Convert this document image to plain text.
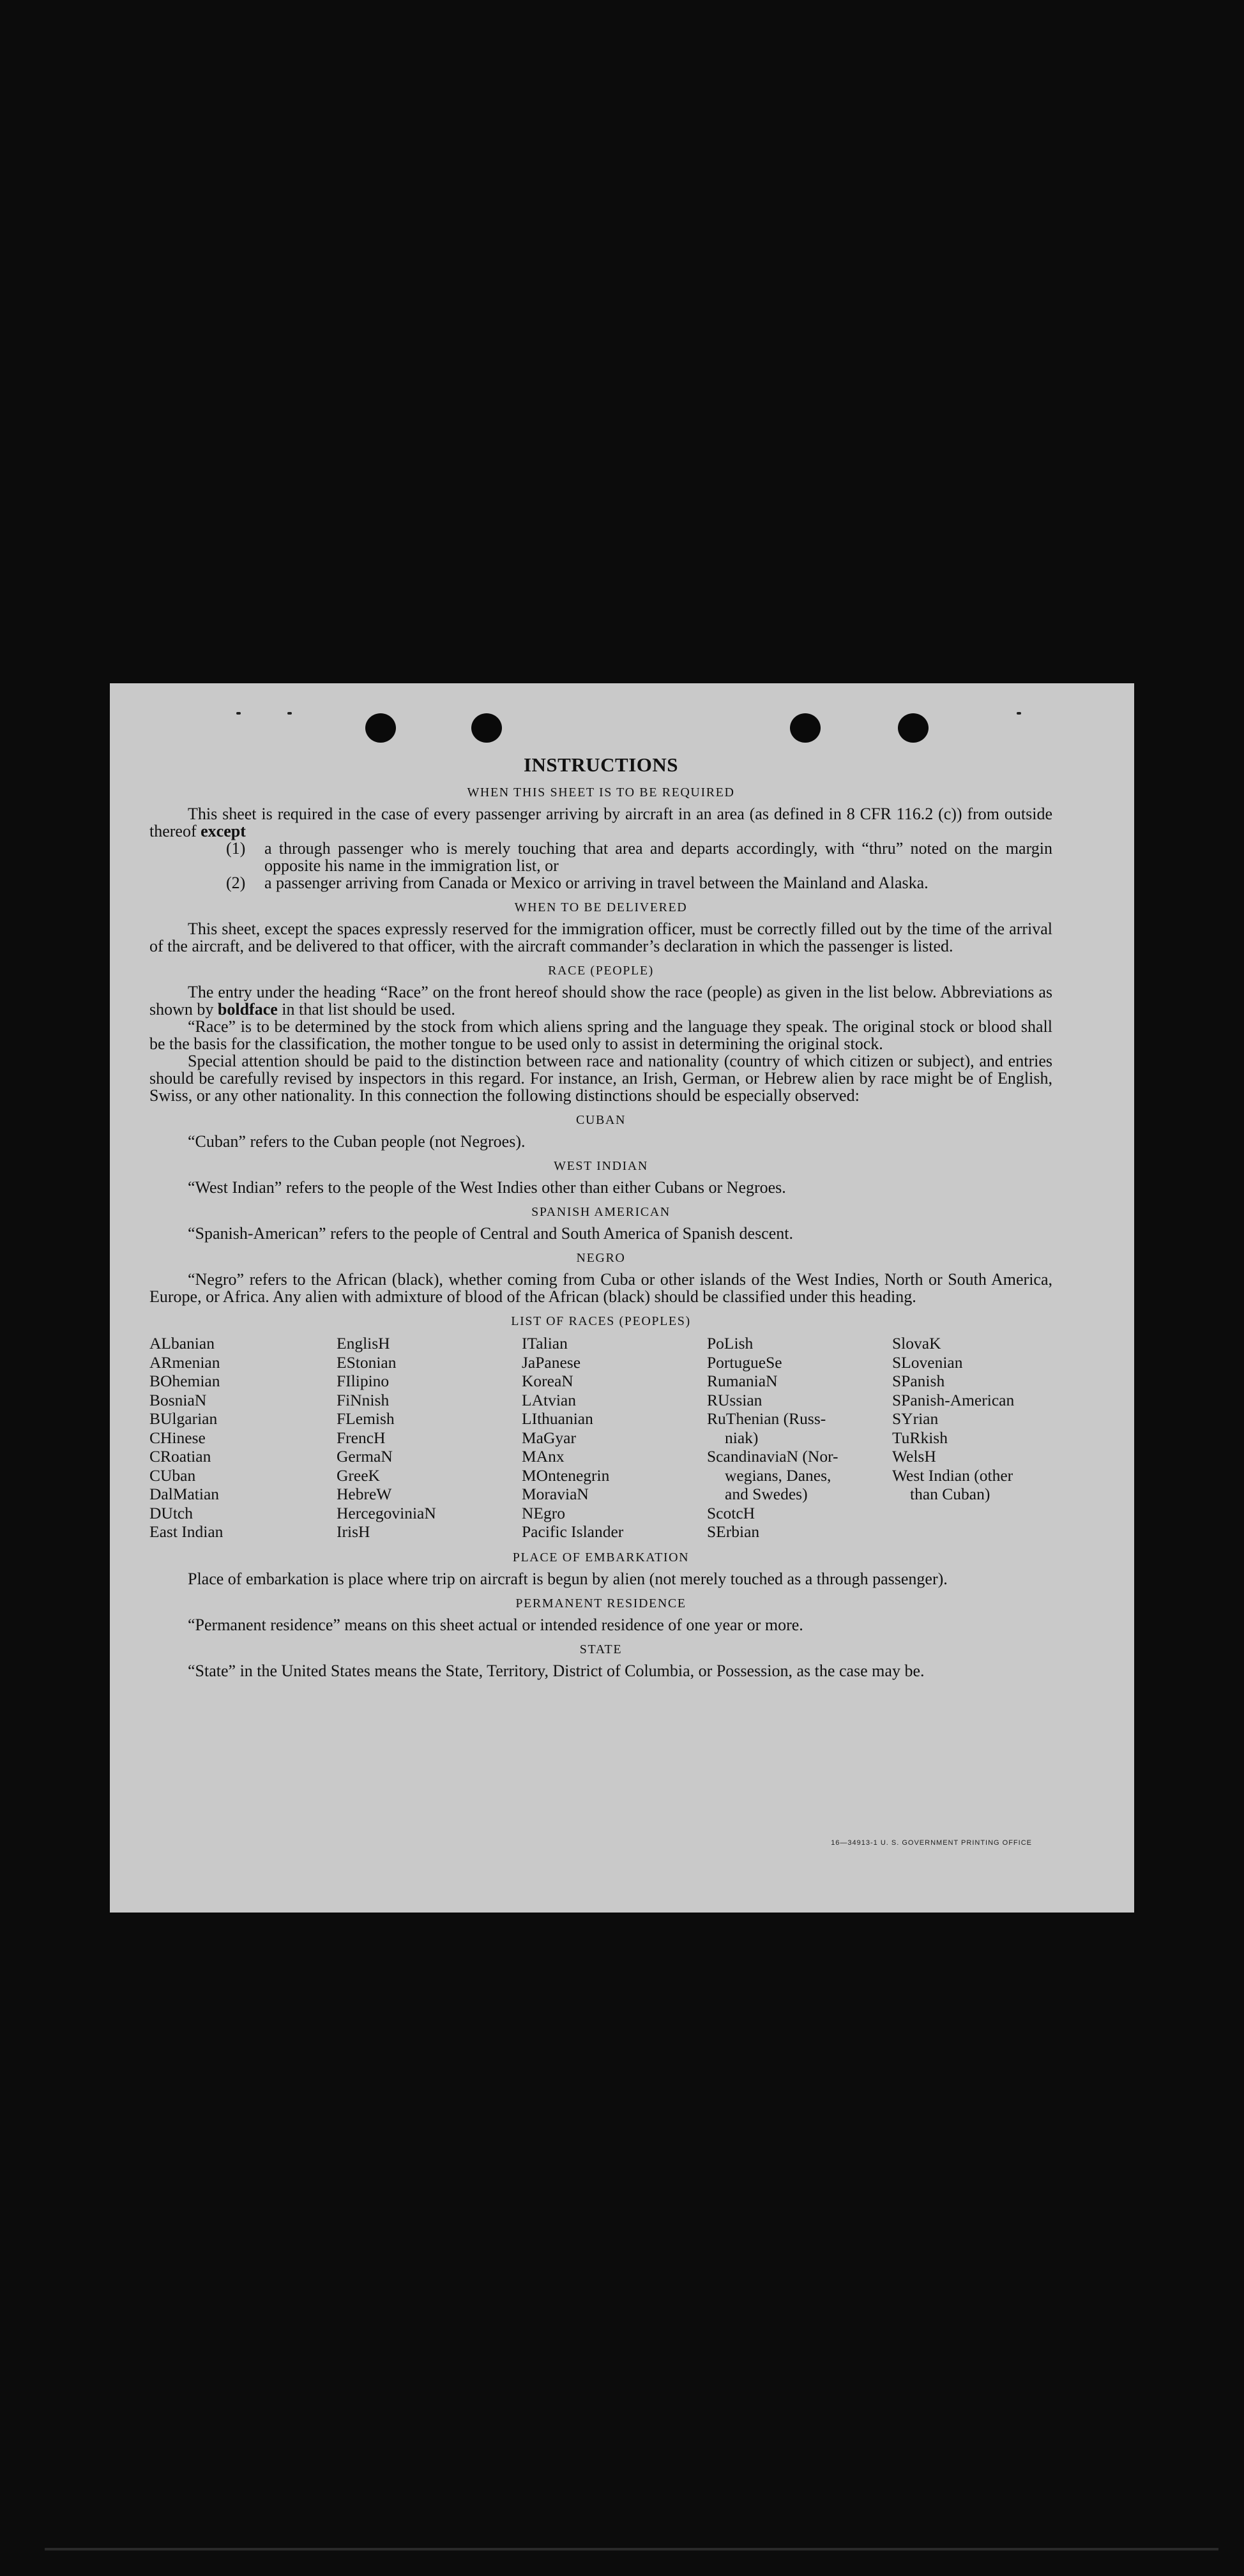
INSTRUCTIONS
WHEN THIS SHEET IS TO BE REQUIRED

This sheet is required in the case of every passenger arriving by aircraft in an area (as defined in 8 CFR 116.2 (c)) from outside thereof except

(1)	a through passenger who is merely touching that area and departs accordingly, with “thru” noted on the margin opposite his name in the immigration list, or
(2)	a passenger arriving from Canada or Mexico or arriving in travel between the Mainland and Alaska.
WHEN TO BE DELIVERED

This sheet, except the spaces expressly reserved for the immigration officer, must be correctly filled out by the time of the arrival of the aircraft, and be delivered to that officer, with the aircraft commander’s declaration in which the passenger is listed.

RACE (PEOPLE)

The entry under the heading “Race” on the front hereof should show the race (people) as given in the list below. Abbreviations as shown by boldface in that list should be used.

“Race” is to be determined by the stock from which aliens spring and the language they speak. The original stock or blood shall be the basis for the classification, the mother tongue to be used only to assist in determining the original stock.

Special attention should be paid to the distinction between race and nationality (country of which citizen or subject), and entries should be carefully revised by inspectors in this regard. For instance, an Irish, German, or Hebrew alien by race might be of English, Swiss, or any other nationality. In this connection the following distinctions should be especially observed:

CUBAN

“Cuban” refers to the Cuban people (not Negroes).

WEST INDIAN

“West Indian” refers to the people of the West Indies other than either Cubans or Negroes.

SPANISH AMERICAN

“Spanish-American” refers to the people of Central and South America of Spanish descent.

NEGRO

“Negro” refers to the African (black), whether coming from Cuba or other islands of the West Indies, North or South America, Europe, or Africa. Any alien with admixture of blood of the African (black) should be classified under this heading.

LIST OF RACES (PEOPLES)
ALbanian
ARmenian
BOhemian
BosniaN
BUlgarian
CHinese
CRoatian
CUban
DalMatian
DUtch
East Indian
EnglisH
EStonian
FIlipino
FiNnish
FLemish
FrencH
GermaN
GreeK
HebreW
HercegoviniaN
IrisH
ITalian
JaPanese
KoreaN
LAtvian
LIthuanian
MaGyar
MAnx
MOntenegrin
MoraviaN
NEgro
Pacific Islander
PoLish
PortugueSe
RumaniaN
RUssian
RuThenian (Russ-
niak)
ScandinaviaN (Nor-
wegians, Danes,
and Swedes)
ScotcH
SErbian
SlovaK
SLovenian
SPanish
SPanish-American
SYrian
TuRkish
WelsH
West Indian (other
than Cuban)
PLACE OF EMBARKATION

Place of embarkation is place where trip on aircraft is begun by alien (not merely touched as a through passenger).

PERMANENT RESIDENCE

“Permanent residence” means on this sheet actual or intended residence of one year or more.

STATE

“State” in the United States means the State, Territory, District of Columbia, or Possession, as the case may be.

16—34913-1 U. S. GOVERNMENT PRINTING OFFICE
